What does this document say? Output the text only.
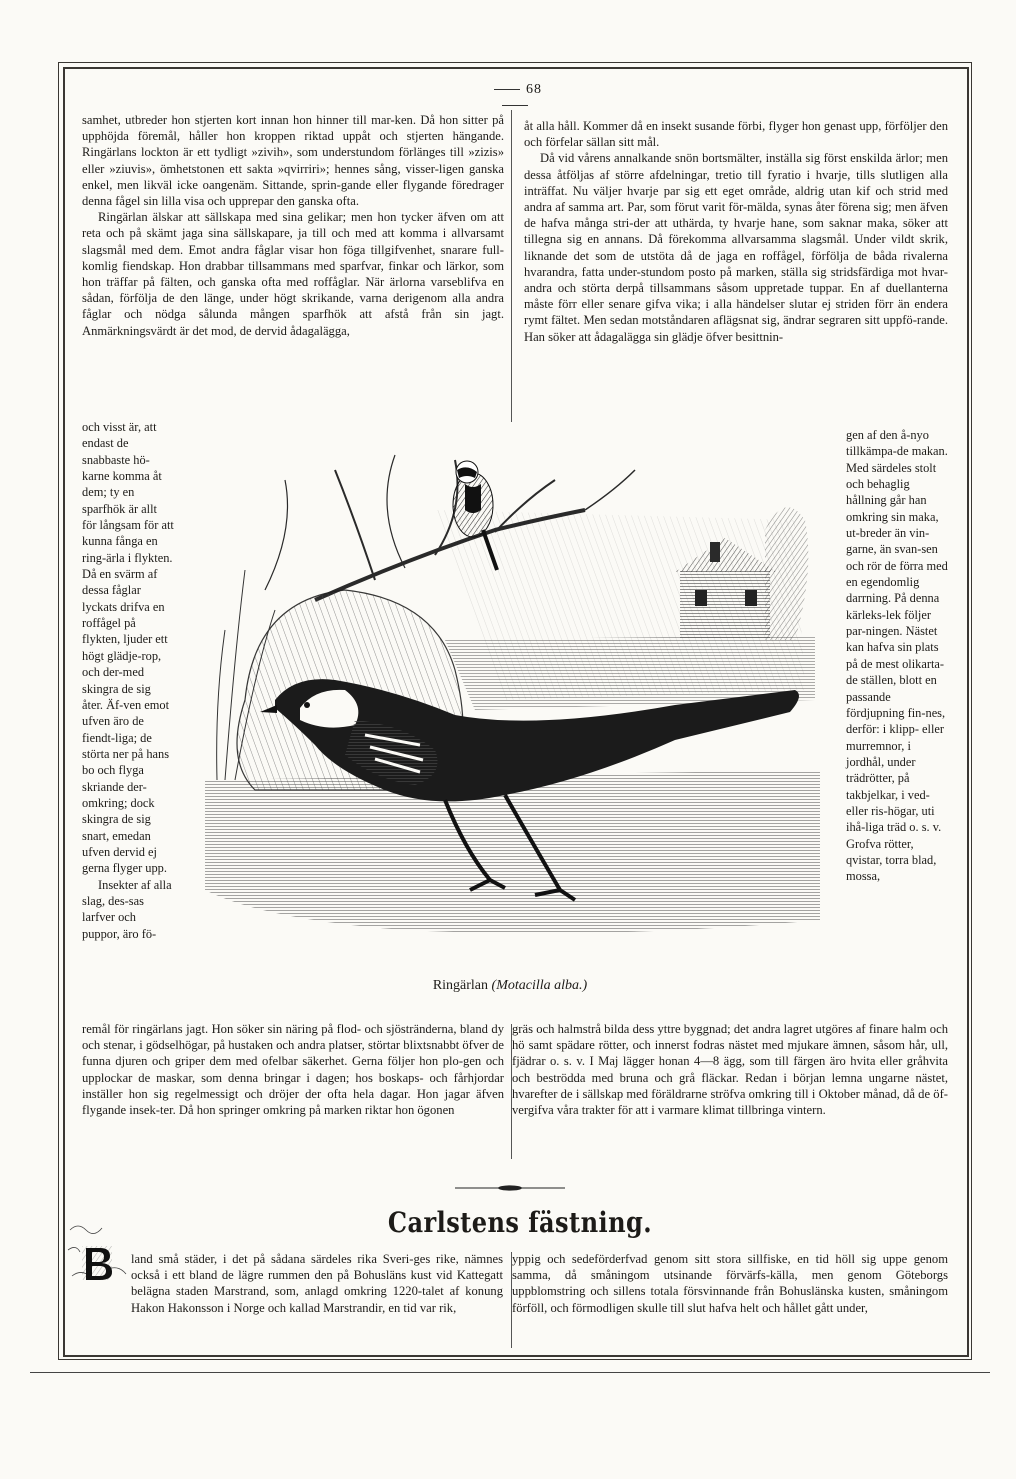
68

samhet, utbreder hon stjerten kort innan hon hinner till mar-ken. Då hon sitter på upphöjda föremål, håller hon kroppen riktad uppåt och stjerten hängande. Ringärlans lockton är ett tydligt »zivih», som understundom förlänges till »zizis» eller »ziuvis», ömhetstonen ett sakta »qvirriri»; hennes sång, visser-ligen ganska enkel, men likväl icke oangenäm. Sittande, sprin-gande eller flygande föredrager denna fågel sin lilla visa och upprepar den ganska ofta.

Ringärlan älskar att sällskapa med sina gelikar; men hon tycker äfven om att reta och på skämt jaga sina sällskapare, ja till och med att komma i allvarsamt slagsmål med dem. Emot andra fåglar visar hon föga tillgifvenhet, snarare full-komlig fiendskap. Hon drabbar tillsammans med sparfvar, finkar och lärkor, som hon träffar på fälten, och ganska ofta med roffåglar. När ärlorna varseblifva en sådan, förfölja de den länge, under högt skrikande, varna derigenom alla andra fåglar och nödga sålunda mången sparfhök att afstå från sin jagt. Anmärkningsvärdt är det mod, de dervid ådagalägga,

och visst är, att endast de snabbaste hö-karne komma åt dem; ty en sparfhök är allt för långsam för att kunna fånga en ring-ärla i flykten. Då en svärm af dessa fåglar lyckats drifva en roffågel på flykten, ljuder ett högt glädje-rop, och der-med skingra de sig åter. Äf-ven emot ufven äro de fiendt-liga; de störta ner på hans bo och flyga skriande der-omkring; dock skingra de sig snart, emedan ufven dervid ej gerna flyger upp.

Insekter af alla slag, des-sas larfver och puppor, äro fö-

remål för ringärlans jagt. Hon söker sin näring på flod- och sjöstränderna, bland dy och stenar, i gödselhögar, på hustaken och andra platser, störtar blixtsnabbt öfver de funna djuren och griper dem med ofelbar säkerhet. Gerna följer hon plo-gen och upplockar de maskar, som denna bringar i dagen; hos boskaps- och fårhjordar inställer hon sig regelmessigt och dröjer der ofta hela dagar. Hon jagar äfven flygande insek-ter. Då hon springer omkring på marken riktar hon ögonen

åt alla håll. Kommer då en insekt susande förbi, flyger hon genast upp, förföljer den och förfelar sällan sitt mål.

Då vid vårens annalkande snön bortsmälter, inställa sig först enskilda ärlor; men dessa åtföljas af större afdelningar, tretio till fyratio i hvarje, tills slutligen alla inträffat. Nu väljer hvarje par sig ett eget område, aldrig utan kif och strid med andra af samma art. Par, som förut varit för-mälda, synas åter förena sig; men äfven de hafva många stri-der att uthärda, ty hvarje hane, som saknar maka, söker att tillegna sig en annans. Då förekomma allvarsamma slagsmål. Under vildt skrik, liknande det som de utstöta då de jaga en roffågel, förfölja de båda rivalerna hvarandra, fatta under-stundom posto på marken, ställa sig stridsfärdiga mot hvar-andra och störta derpå tillsammans såsom uppretade tuppar. En af duellanterna måste förr eller senare gifva vika; i alla händelser slutar ej striden förr än endera rymt fältet. Men sedan motståndaren aflägsnat sig, ändrar segraren sitt uppfö-rande. Han söker att ådagalägga sin glädje öfver besittnin-

gen af den å-nyo tillkämpa-de makan. Med särdeles stolt och behaglig hållning går han omkring sin maka, ut-breder än vin-garne, än svan-sen och rör de förra med en egendomlig darrning. På denna kärleks-lek följer par-ningen. Nästet kan hafva sin plats på de mest olikarta-de ställen, blott en passande fördjupning fin-nes, derför: i klipp- eller murremnor, i jordhål, under trädrötter, på takbjelkar, i ved- eller ris-högar, uti ihå-liga träd o. s. v. Grofva rötter, qvistar, torra blad, mossa,

gräs och halmstrå bilda dess yttre byggnad; det andra lagret utgöres af finare halm och hö samt spädare rötter, och innerst fodras nästet med mjukare ämnen, såsom hår, ull, fjädrar o. s. v. I Maj lägger honan 4—8 ägg, som till färgen äro hvita eller gråhvita och beströdda med bruna och grå fläckar. Redan i början lemna ungarne nästet, hvarefter de i sällskap med föräldrarne ströfva omkring till i Oktober månad, då de öf-vergifva våra trakter för att i varmare klimat tillbringa vintern.

Ringärlan (Motacilla alba.)
Carlstens fästning.

land små städer, i det på sådana särdeles rika Sveri-ges rike, nämnes också i ett bland de lägre rummen den på Bohusläns kust vid Kattegatt belägna staden Marstrand, som, anlagd omkring 1220-talet af konung Hakon Hakonsson i Norge och kallad Marstrandir, en tid var rik,

yppig och sedeförderfvad genom sitt stora sillfiske, en tid höll sig uppe genom samma, då småningom utsinande förvärfs-källa, men genom Göteborgs uppblomstring och sillens totala försvinnande från Bohuslänska kusten, småningom förföll, och förmodligen skulle till slut hafva helt och hållet gått under,
